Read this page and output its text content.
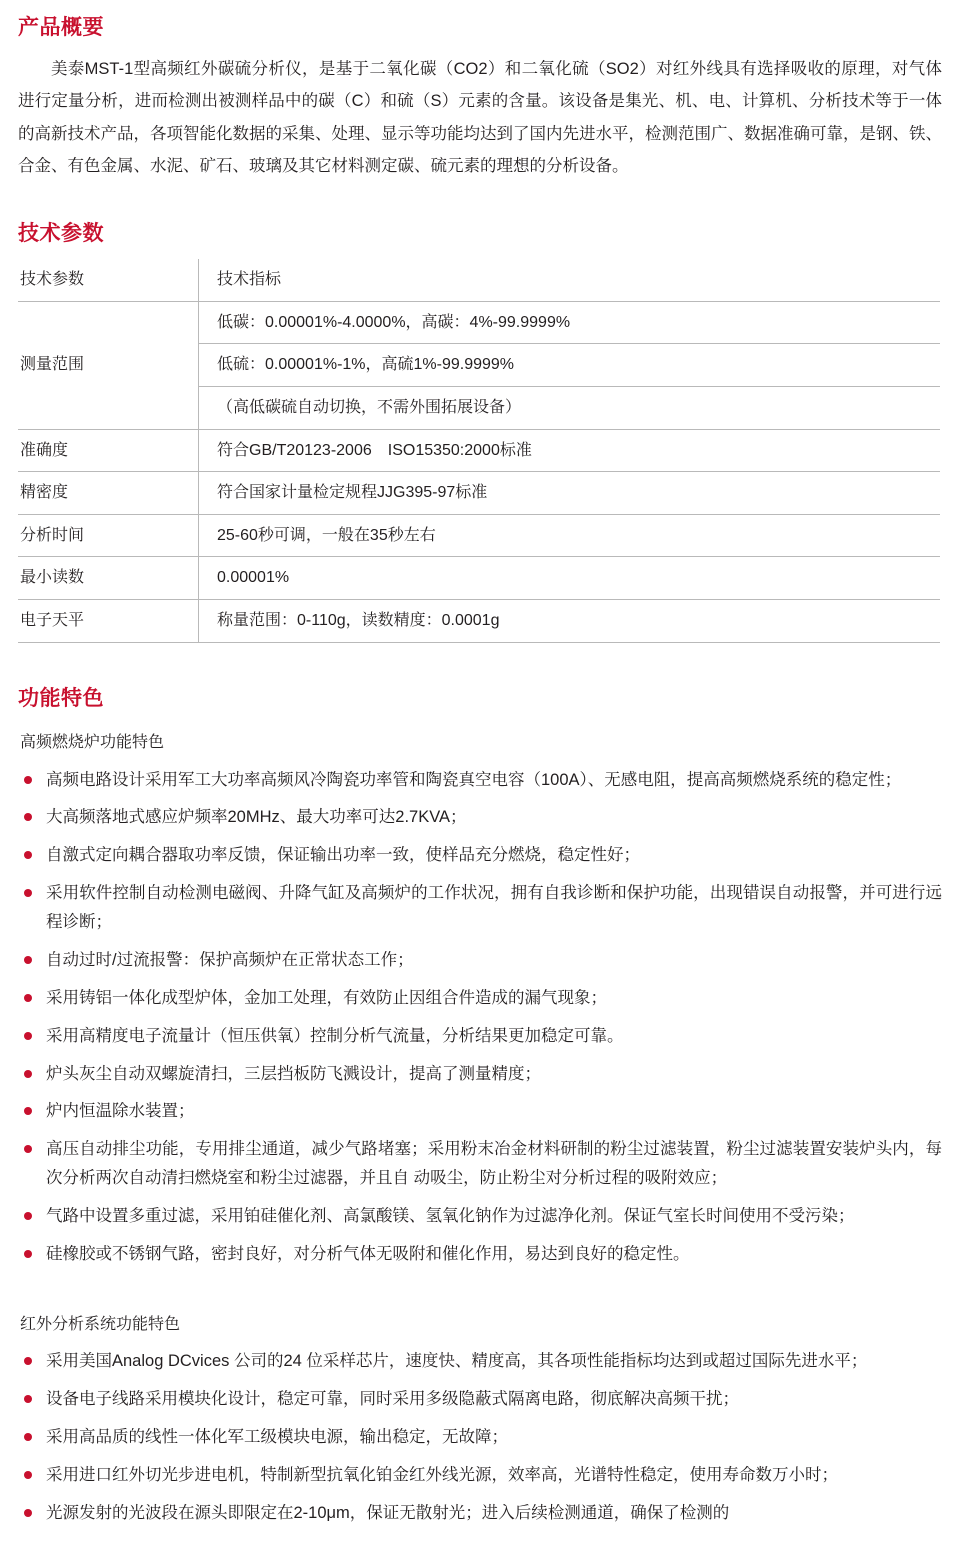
产品概要

美泰MST-1型高频红外碳硫分析仪，是基于二氧化碳（CO2）和二氧化硫（SO2）对红外线具有选择吸收的原理，对气体进行定量分析，进而检测出被测样品中的碳（C）和硫（S）元素的含量。该设备是集光、机、电、计算机、分析技术等于一体的高新技术产品，各项智能化数据的采集、处理、显示等功能均达到了国内先进水平，检测范围广、数据准确可靠，是钢、铁、合金、有色金属、水泥、矿石、玻璃及其它材料测定碳、硫元素的理想的分析设备。

技术参数
技术参数	技术指标
测量范围	低碳：0.00001%-4.0000%，高碳：4%-99.9999%
	低硫：0.00001%-1%，高硫1%-99.9999%
	（高低碳硫自动切换，不需外围拓展设备）
准确度	符合GB/T20123-2006　ISO15350:2000标准
精密度	符合国家计量检定规程JJG395-97标准
分析时间	25-60秒可调，一般在35秒左右
最小读数	0.00001%
电子天平	称量范围：0-110g，读数精度：0.0001g
功能特色
高频燃烧炉功能特色
高频电路设计采用军工大功率高频风冷陶瓷功率管和陶瓷真空电容（100A）、无感电阻，提高高频燃烧系统的稳定性；
大高频落地式感应炉频率20MHz、最大功率可达2.7KVA；
自激式定向耦合器取功率反馈，保证输出功率一致，使样品充分燃烧，稳定性好；
采用软件控制自动检测电磁阀、升降气缸及高频炉的工作状况，拥有自我诊断和保护功能，出现错误自动报警，并可进行远程诊断；
自动过时/过流报警：保护高频炉在正常状态工作；
采用铸铝一体化成型炉体，金加工处理，有效防止因组合件造成的漏气现象；
采用高精度电子流量计（恒压供氧）控制分析气流量，分析结果更加稳定可靠。
炉头灰尘自动双螺旋清扫，三层挡板防飞溅设计，提高了测量精度；
炉内恒温除水装置；
高压自动排尘功能，专用排尘通道，减少气路堵塞；采用粉末冶金材料研制的粉尘过滤装置，粉尘过滤装置安装炉头内，每次分析两次自动清扫燃烧室和粉尘过滤器，并且自 动吸尘，防止粉尘对分析过程的吸附效应；
气路中设置多重过滤，采用铂硅催化剂、高氯酸镁、氢氧化钠作为过滤净化剂。保证气室长时间使用不受污染；
硅橡胶或不锈钢气路，密封良好，对分析气体无吸附和催化作用，易达到良好的稳定性。
红外分析系统功能特色
采用美国Analog DCvices 公司的24 位采样芯片，速度快、精度高，其各项性能指标均达到或超过国际先进水平；
设备电子线路采用模块化设计，稳定可靠，同时采用多级隐蔽式隔离电路，彻底解决高频干扰；
采用高品质的线性一体化军工级模块电源，输出稳定，无故障；
采用进口红外切光步进电机，特制新型抗氧化铂金红外线光源，效率高，光谱特性稳定，使用寿命数万小时；
光源发射的光波段在源头即限定在2-10μm，保证无散射光；进入后续检测通道，确保了检测的
